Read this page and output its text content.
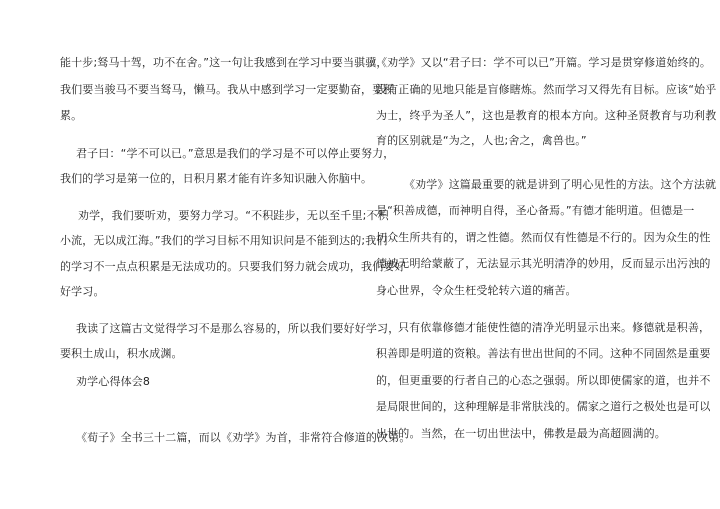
能十步;驽马十驾，功不在舍。”这一句让我感到在学习中要当骐骥，

我们要当骏马不要当驽马，懒马。我从中感到学习一定要勤奋，要积

累。

君子曰：“学不可以已。”意思是我们的学习是不可以停止要努力，

我们的学习是第一位的，日积月累才能有许多知识融入你脑中。

劝学，我们要听劝，要努力学习。“不积跬步，无以至千里;不积

小流，无以成江海。”我们的学习目标不用知识问是不能到达的;我们

的学习不一点点积累是无法成功的。只要我们努力就会成功，我们要好

好学习。

我读了这篇古文觉得学习不是那么容易的，所以我们要好好学习，

要积土成山，积水成渊。

劝学心得体会8

《荀子》全书三十二篇，而以《劝学》为首，非常符合修道的次第。

《劝学》又以“君子曰：学不可以已”开篇。学习是贯穿修道始终的。

没有正确的见地只能是盲修瞎炼。然而学习又得先有目标。应该“始乎

为士，终乎为圣人”，这也是教育的根本方向。这种圣贤教育与功利教

育的区别就是“为之，人也;舍之，禽兽也。”

《劝学》这篇最重要的就是讲到了明心见性的方法。这个方法就

是“积善成德，而神明自得，圣心备焉。”有德才能明道。但德是一

切众生所共有的，谓之性德。然而仅有性德是不行的。因为众生的性

德被无明给蒙蔽了，无法显示其光明清净的妙用，反而显示出污浊的

身心世界，令众生枉受轮转六道的痛苦。

只有依靠修德才能使性德的清净光明显示出来。修德就是积善，

积善即是明道的资粮。善法有世出世间的不同。这种不同固然是重要

的，但更重要的行者自己的心态之强弱。所以即使儒家的道，也并不

是局限世间的，这种理解是非常肤浅的。儒家之道行之极处也是可以

出世的。当然，在一切出世法中，佛教是最为高超圆满的。
